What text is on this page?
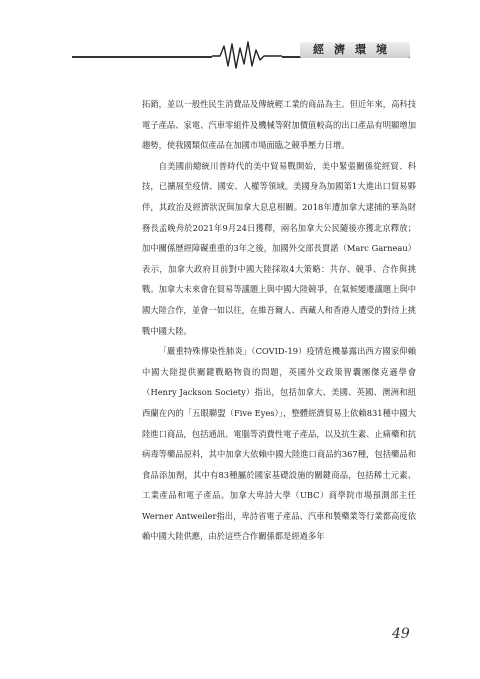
經濟環境

拓銷，並以一般性民生消費品及傳統輕工業的商品為主。但近年來，高科技電子產品、家電、汽車零組件及機械等附加價值較高的出口產品有明顯增加趨勢，使我國類似產品在加國市場面臨之競爭壓力日增。

自美國前總統川普時代的美中貿易戰開始，美中緊張關係從經貿、科技，已擴展至疫情、國安、人權等領域。美國身為加國第1大進出口貿易夥伴，其政治及經濟狀況與加拿大息息相關。2018年遭加拿大逮捕的華為財務長孟晚舟於2021年9月24日獲釋，兩名加拿大公民隨後亦獲北京釋放；加中關係歷經障礙重重的3年之後，加國外交部長賈諾（Marc Garneau）表示，加拿大政府目前對中國大陸採取4大策略：共存、競爭、合作與挑戰。加拿大未來會在貿易等議題上與中國大陸競爭，在氣候變遷議題上與中國大陸合作，並會一如以往，在維吾爾人、西藏人和香港人遭受的對待上挑戰中國大陸。

「嚴重特殊傳染性肺炎」（COVID-19）疫情危機暴露出西方國家仰賴中國大陸提供關鍵戰略物資的問題，英國外交政策智囊團傑克遜學會（Henry Jackson Society）指出，包括加拿大、美國、英國、澳洲和紐西蘭在內的「五眼聯盟（Five Eyes）」，整體經濟貿易上依賴831種中國大陸進口商品，包括通訊、電腦等消費性電子產品，以及抗生素、止痛藥和抗病毒等藥品原料，其中加拿大依賴中國大陸進口商品約367種，包括藥品和食品添加劑，其中有83種屬於國家基礎設施的關鍵商品，包括稀土元素、工業產品和電子產品。加拿大卑詩大學（UBC）商學院市場預測部主任Werner Antweiler指出，卑詩省電子產品、汽車和製藥業等行業都高度依賴中國大陸供應，由於這些合作關係都是經過多年

49
